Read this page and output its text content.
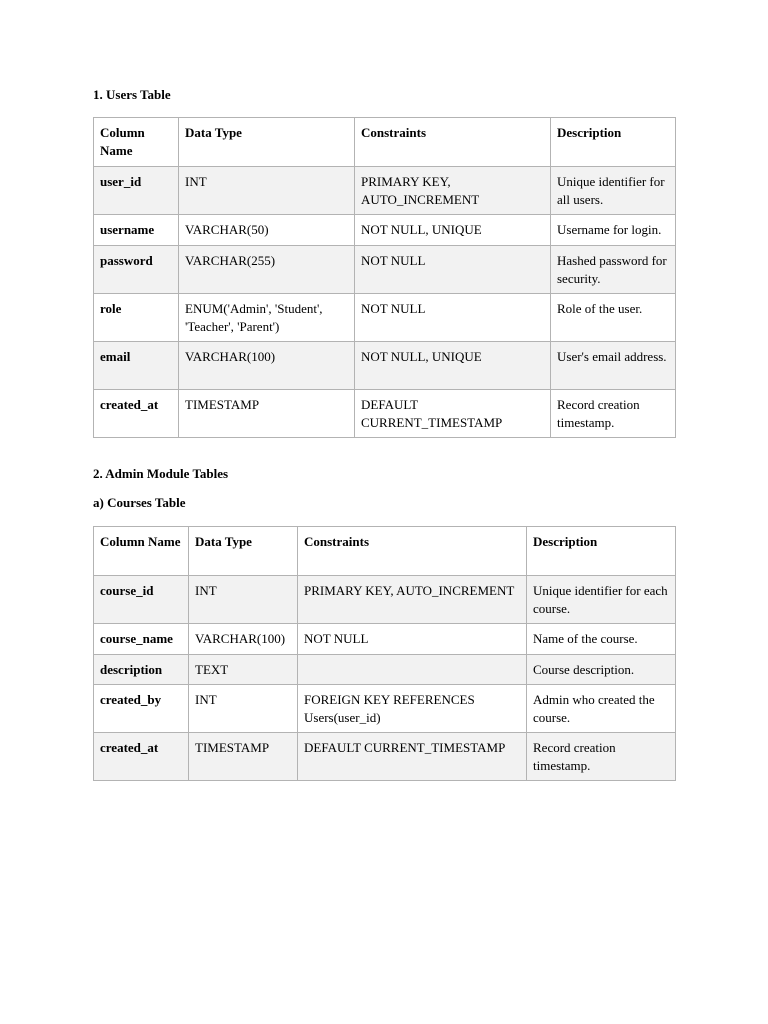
1. Users Table
Column Name	Data Type	Constraints	Description
user_id	INT	PRIMARY KEY, AUTO_INCREMENT	Unique identifier for all users.
username	VARCHAR(50)	NOT NULL, UNIQUE	Username for login.
password	VARCHAR(255)	NOT NULL	Hashed password for security.
role	ENUM('Admin', 'Student', 'Teacher', 'Parent')	NOT NULL	Role of the user.
email	VARCHAR(100)	NOT NULL, UNIQUE	User's email address.
created_at	TIMESTAMP	DEFAULT CURRENT_TIMESTAMP	Record creation timestamp.
2. Admin Module Tables
a) Courses Table
Column Name	Data Type	Constraints	Description
course_id	INT	PRIMARY KEY, AUTO_INCREMENT	Unique identifier for each course.
course_name	VARCHAR(100)	NOT NULL	Name of the course.
description	TEXT		Course description.
created_by	INT	FOREIGN KEY REFERENCES Users(user_id)	Admin who created the course.
created_at	TIMESTAMP	DEFAULT CURRENT_TIMESTAMP	Record creation timestamp.
